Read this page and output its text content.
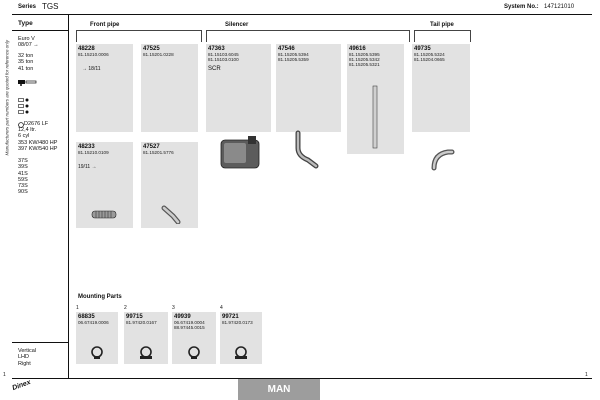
Series TGS	System No.: 147121010
Manufacturers part numbers are quoted for reference only
Type
Euro V
08/07 →
32 ton
35 ton
41 ton
D2676 LF
12,4 ltr.
6 cyl
353 KW/480 HP
397 KW/540 HP
37S
39S
41S
59S
73S
90S
Vertical
LHD
Right
Front pipe	Silencer	Tail pipe
48228
81.15210.0006
→ 18/11
47525
81.15201.0228
47363
81.15103.6045
81.15103.0100
SCR
47546
81.15205.5394
81.15205.5359
49616
81.15205.5395
81.15205.5342
81.15205.5321
49735
81.15205.5324
81.15204.0665
48233
81.15210.0109
19/11 →
47527
81.15201.5776
Mounting Parts
1
68835
06.67419.0006
2
99715
81.97420.0167
3
49939
06.67419.0004
88.97445.0015
4
99721
81.97420.0173
1
Dinex	MAN
1
